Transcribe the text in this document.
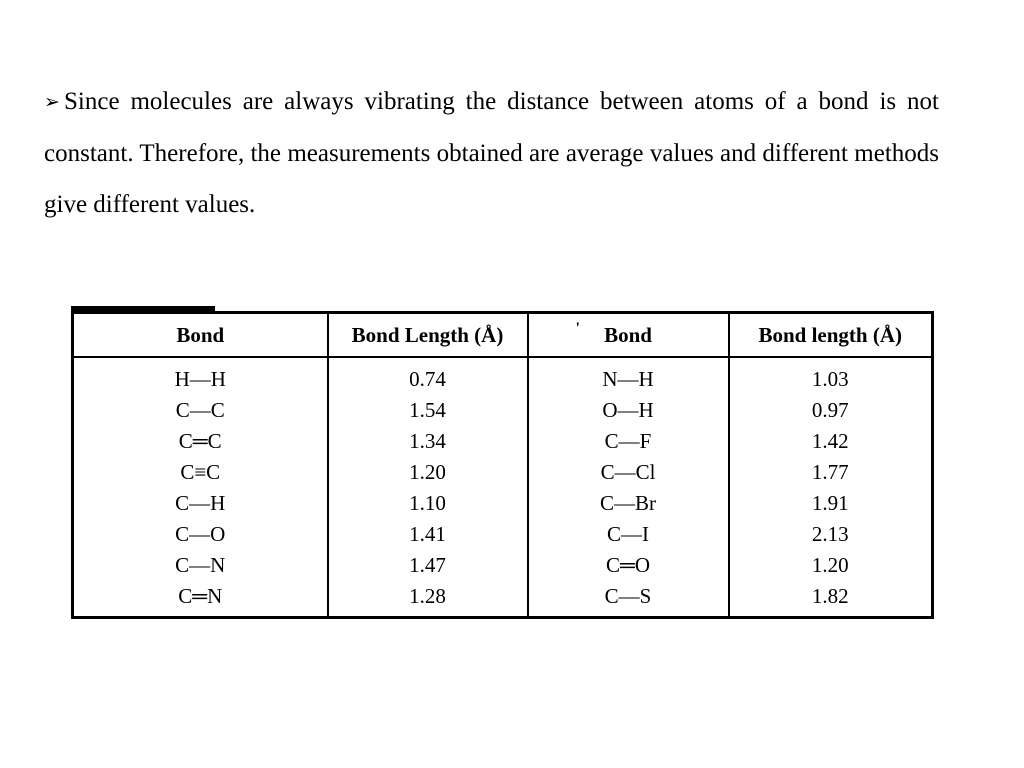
➢ Since molecules are always vibrating the distance between atoms of a bond is not constant. Therefore, the measurements obtained are average values and different methods give different values.
Bond	Bond Length (Å)	' Bond	Bond length (Å)
H—H	0.74	N—H	1.03
C—C	1.54	O—H	0.97
C═C	1.34	C—F	1.42
C≡C	1.20	C—Cl	1.77
C—H	1.10	C—Br	1.91
C—O	1.41	C—I	2.13
C—N	1.47	C═O	1.20
C═N	1.28	C—S	1.82
